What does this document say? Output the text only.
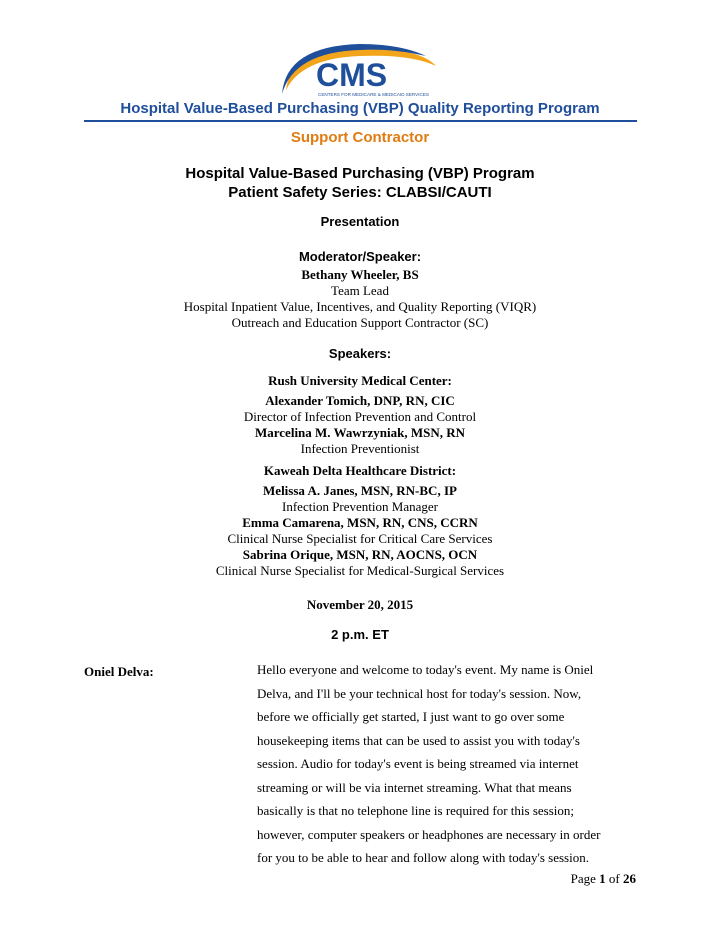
CMS
CENTERS FOR MEDICARE & MEDICAID SERVICES
Hospital Value-Based Purchasing (VBP) Quality Reporting Program
Support Contractor
Hospital Value-Based Purchasing (VBP) Program
Patient Safety Series: CLABSI/CAUTI
Presentation
Moderator/Speaker:
Bethany Wheeler, BS
Team Lead
Hospital Inpatient Value, Incentives, and Quality Reporting (VIQR)
Outreach and Education Support Contractor (SC)
Speakers:
Rush University Medical Center:
Alexander Tomich, DNP, RN, CIC
Director of Infection Prevention and Control
Marcelina M. Wawrzyniak, MSN, RN
Infection Preventionist
Kaweah Delta Healthcare District:
Melissa A. Janes, MSN, RN-BC, IP
Infection Prevention Manager
Emma Camarena, MSN, RN, CNS, CCRN
Clinical Nurse Specialist for Critical Care Services
Sabrina Orique, MSN, RN, AOCNS, OCN
Clinical Nurse Specialist for Medical-Surgical Services
November 20, 2015
2 p.m. ET
Oniel Delva:	Hello everyone and welcome to today's event. My name is Oniel
Delva, and I'll be your technical host for today's session. Now,
before we officially get started, I just want to go over some
housekeeping items that can be used to assist you with today's
session. Audio for today's event is being streamed via internet
streaming or will be via internet streaming. What that means
basically is that no telephone line is required for this session;
however, computer speakers or headphones are necessary in order
for you to be able to hear and follow along with today's session.
Page 1 of 26
